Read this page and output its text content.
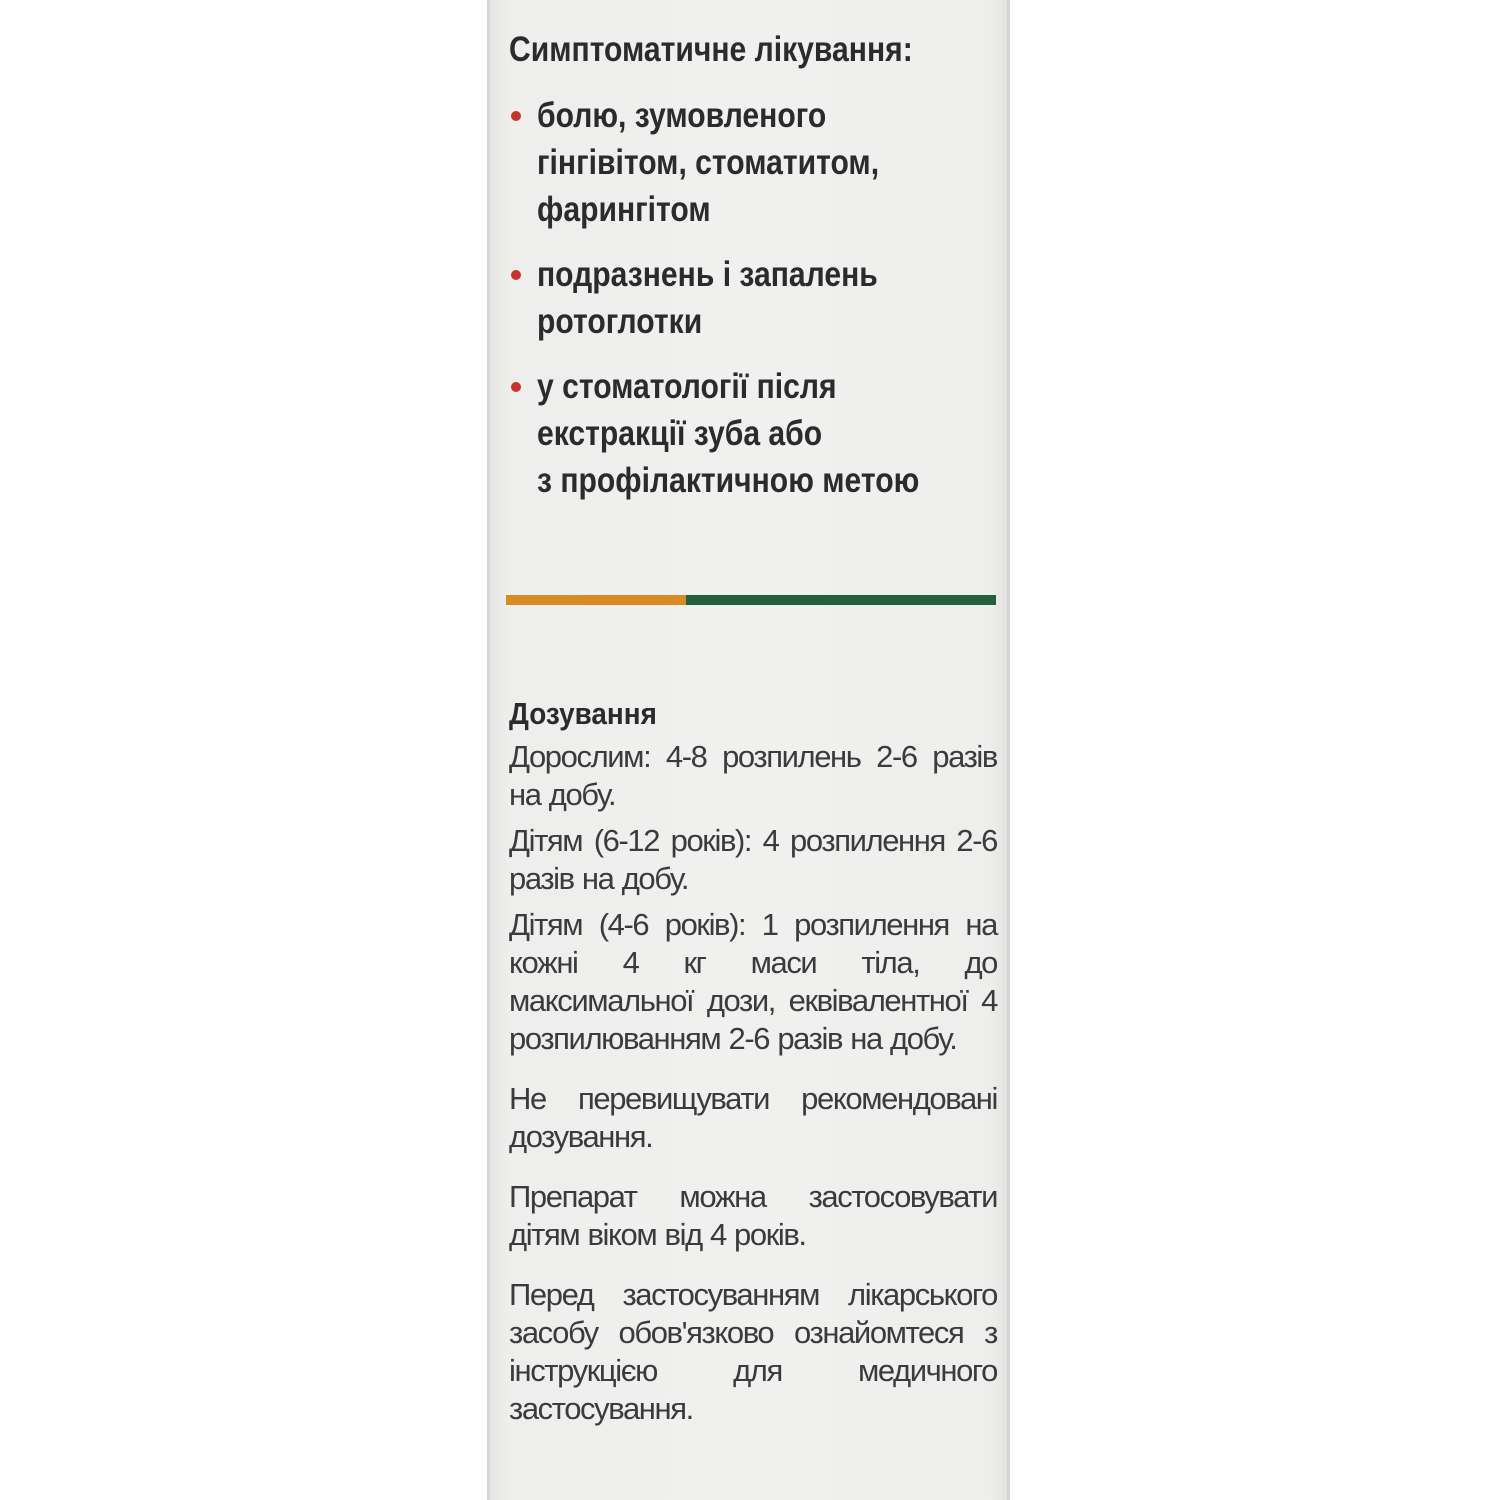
Симптоматичне лікування:
болю, зумовленого
гінгівітом, стоматитом,
фарингітом
подразнень і запалень
ротоглотки
у стоматології після
екстракції зуба або
з профілактичною метою
Дозування

Дорослим: 4-8 розпилень 2-6 разів на добу.

Дітям (6-12 років): 4 розпилення 2-6 разів на добу.

Дітям (4-6 років): 1 розпилення на кожні 4 кг маси тіла, до максимальної дози, еквівалентної 4 розпилюванням 2-6 разів на добу.

Не перевищувати рекомендовані дозування.

Препарат можна застосовувати дітям віком від 4 років.

Перед застосуванням лікарського засобу обов'язково ознайомтеся з інструкцією для медичного застосування.
